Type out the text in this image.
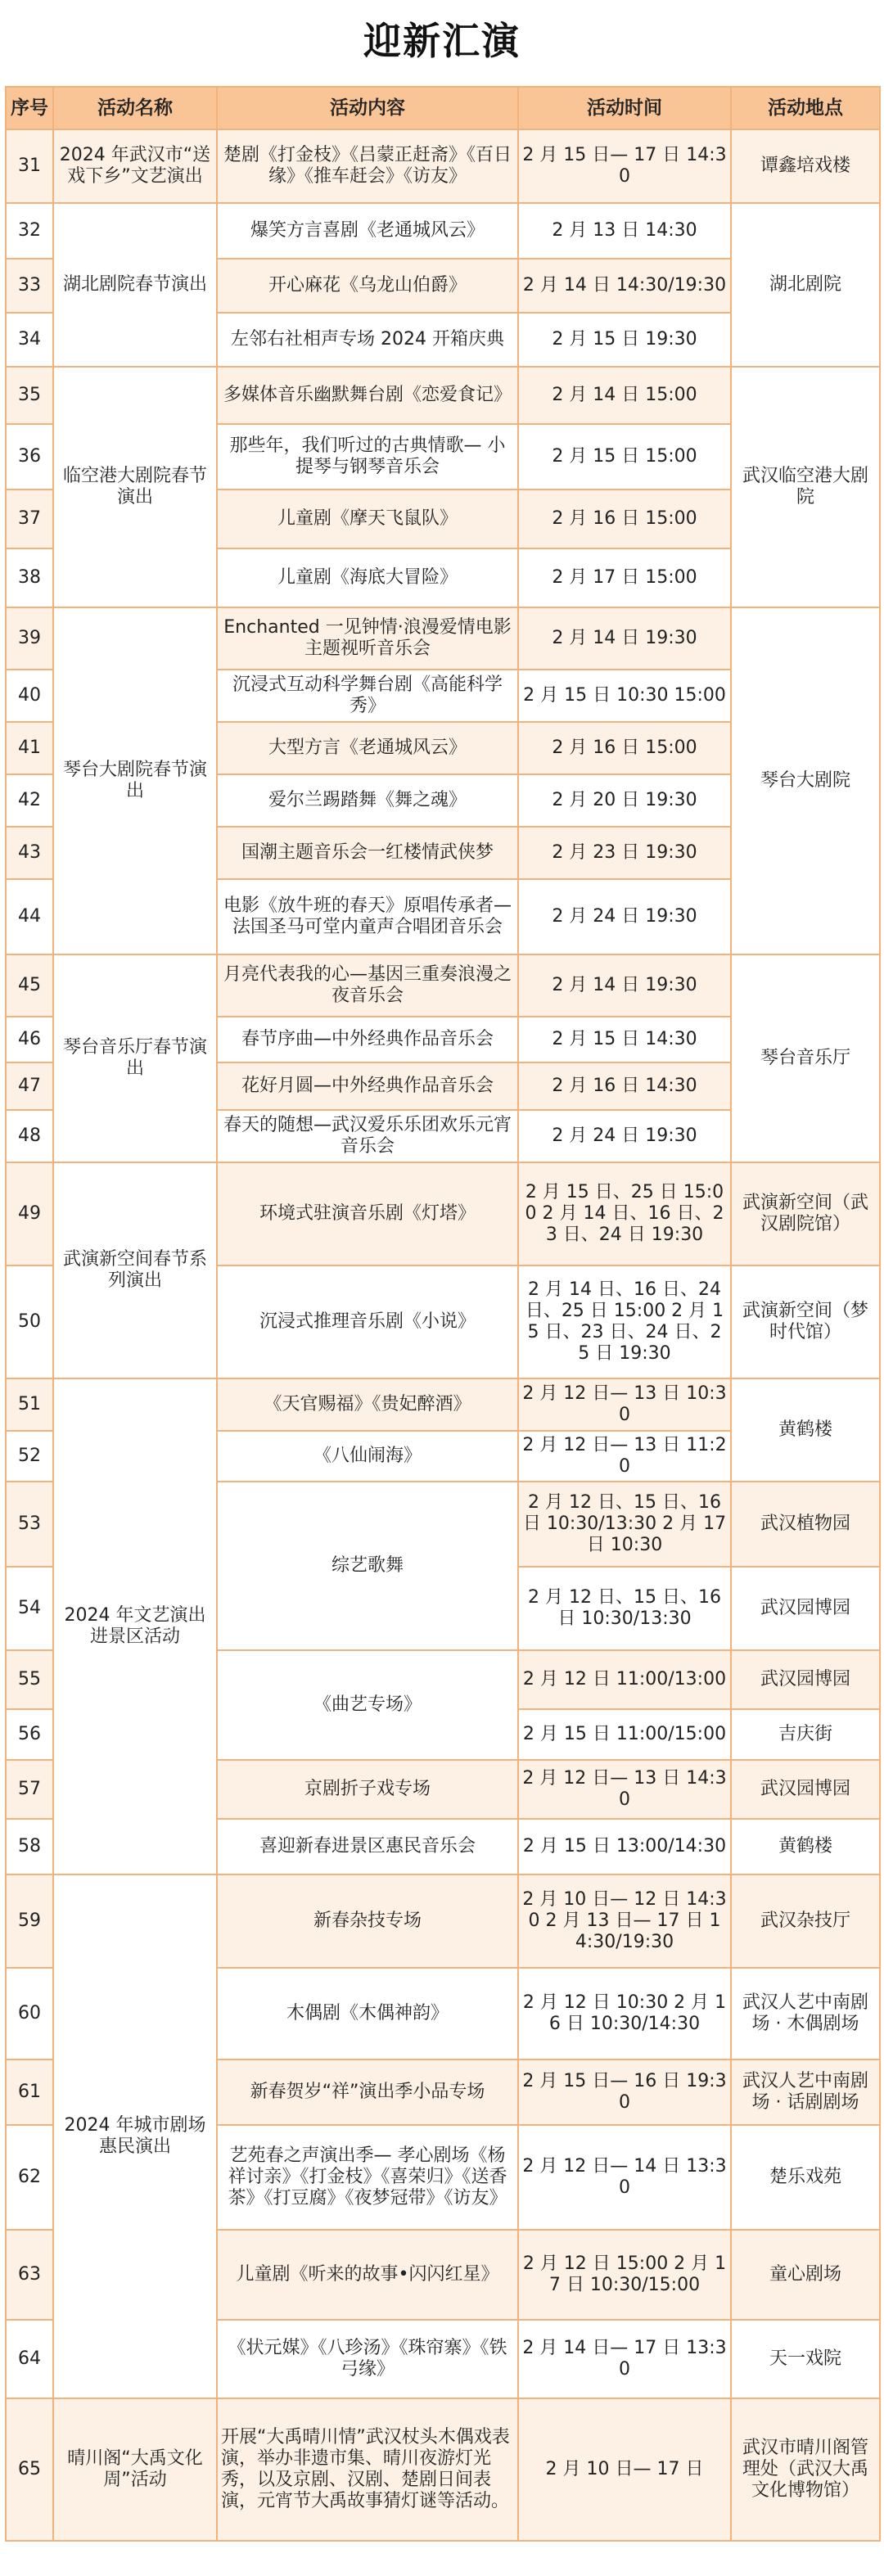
迎新汇演
序号	活动名称	活动内容	活动时间	活动地点
31	2024 年武汉市“送戏下乡”文艺演出	楚剧《打金枝》《吕蒙正赶斋》《百日缘》《推车赶会》《访友》	2 月 15 日— 17 日 14:30	谭鑫培戏楼
32	湖北剧院春节演出	爆笑方言喜剧《老通城风云》	2 月 13 日 14:30	湖北剧院
33		开心麻花《乌龙山伯爵》	2 月 14 日 14:30/19:30	
34		左邻右社相声专场 2024 开箱庆典	2 月 15 日 19:30	
35	临空港大剧院春节演出	多媒体音乐幽默舞台剧《恋爱食记》	2 月 14 日 15:00	武汉临空港大剧院
36		那些年，我们听过的古典情歌— 小提琴与钢琴音乐会	2 月 15 日 15:00	
37		儿童剧《摩天飞鼠队》	2 月 16 日 15:00	
38		儿童剧《海底大冒险》	2 月 17 日 15:00	
39	琴台大剧院春节演出	Enchanted 一见钟情·浪漫爱情电影主题视听音乐会	2 月 14 日 19:30	琴台大剧院
40		沉浸式互动科学舞台剧《高能科学秀》	2 月 15 日 10:30 15:00	
41		大型方言《老通城风云》	2 月 16 日 15:00	
42		爱尔兰踢踏舞《舞之魂》	2 月 20 日 19:30	
43		国潮主题音乐会一红楼情武侠梦	2 月 23 日 19:30	
44		电影《放牛班的春天》原唱传承者—法国圣马可堂内童声合唱团音乐会	2 月 24 日 19:30	
45	琴台音乐厅春节演出	月亮代表我的心—基因三重奏浪漫之夜音乐会	2 月 14 日 19:30	琴台音乐厅
46		春节序曲—中外经典作品音乐会	2 月 15 日 14:30	
47		花好月圆—中外经典作品音乐会	2 月 16 日 14:30	
48		春天的随想—武汉爱乐乐团欢乐元宵音乐会	2 月 24 日 19:30	
49	武演新空间春节系列演出	环境式驻演音乐剧《灯塔》	2 月 15 日、25 日 15:00 2 月 14 日、16 日、23 日、24 日 19:30	武演新空间（武汉剧院馆）
50		沉浸式推理音乐剧《小说》	2 月 14 日、16 日、24 日、25 日 15:00 2 月 15 日、23 日、24 日、25 日 19:30	武演新空间（梦时代馆）
51	2024 年文艺演出进景区活动	《天官赐福》《贵妃醉酒》	2 月 12 日— 13 日 10:30	黄鹤楼
52		《八仙闹海》	2 月 12 日— 13 日 11:20	
53		综艺歌舞	2 月 12 日、15 日、16 日 10:30/13:30 2 月 17 日 10:30	武汉植物园
54			2 月 12 日、15 日、16 日 10:30/13:30	武汉园博园
55		《曲艺专场》	2 月 12 日 11:00/13:00	武汉园博园
56			2 月 15 日 11:00/15:00	吉庆街
57		京剧折子戏专场	2 月 12 日— 13 日 14:30	武汉园博园
58		喜迎新春进景区惠民音乐会	2 月 15 日 13:00/14:30	黄鹤楼
59	2024 年城市剧场惠民演出	新春杂技专场	2 月 10 日— 12 日 14:30 2 月 13 日— 17 日 14:30/19:30	武汉杂技厅
60		木偶剧《木偶神韵》	2 月 12 日 10:30 2 月 16 日 10:30/14:30	武汉人艺中南剧场 · 木偶剧场
61		新春贺岁“祥”演出季小品专场	2 月 15 日— 16 日 19:30	武汉人艺中南剧场 · 话剧剧场
62		艺苑春之声演出季— 孝心剧场《杨祥讨亲》《打金枝》《喜荣归》《送香茶》《打豆腐》《夜梦冠带》《访友》	2 月 12 日— 14 日 13:30	楚乐戏苑
63		儿童剧《听来的故事•闪闪红星》	2 月 12 日 15:00 2 月 17 日 10:30/15:00	童心剧场
64		《状元媒》《八珍汤》《珠帘寨》《铁弓缘》	2 月 14 日— 17 日 13:30	天一戏院
65	晴川阁“大禹文化周”活动	开展“大禹晴川情”武汉杖头木偶戏表演，举办非遗市集、晴川夜游灯光秀，以及京剧、汉剧、楚剧日间表演，元宵节大禹故事猜灯谜等活动。	2 月 10 日— 17 日	武汉市晴川阁管理处（武汉大禹文化博物馆）
